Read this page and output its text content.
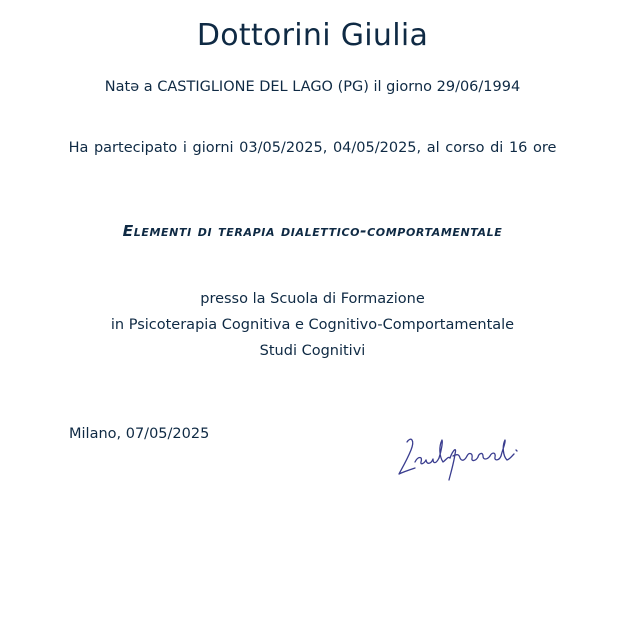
Dottorini Giulia
Natə a CASTIGLIONE DEL LAGO (PG) il giorno 29/06/1994
Ha partecipato i giorni 03/05/2025, 04/05/2025, al corso di 16 ore
Elementi di terapia dialettico-comportamentale
presso la Scuola di Formazione
in Psicoterapia Cognitiva e Cognitivo-Comportamentale
Studi Cognitivi
Milano, 07/05/2025
